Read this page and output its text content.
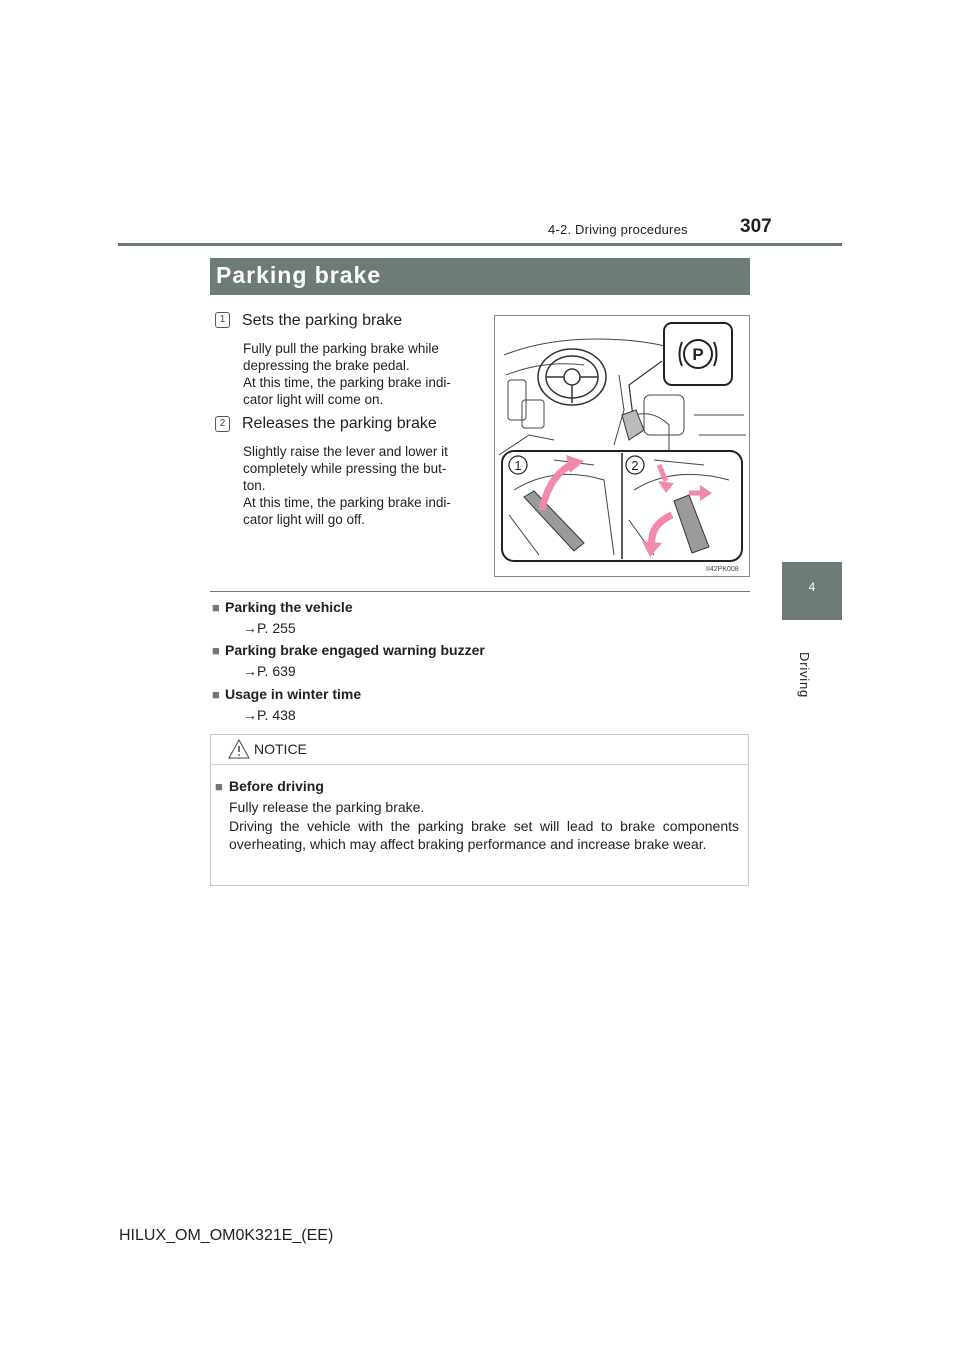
4-2. Driving procedures	307
4
Driving
Parking brake
1 Sets the parking brake
Fully pull the parking brake while
depressing the brake pedal.
At this time, the parking brake indi-
cator light will come on.
2 Releases the parking brake
Slightly raise the lever and lower it
completely while pressing the but-
ton.
At this time, the parking brake indi-
cator light will go off.
P
1	2
II42PK008
■ Parking the vehicle
→P. 255
■ Parking brake engaged warning buzzer
→P. 639
■ Usage in winter time
→P. 438
NOTICE
■ Before driving
Fully release the parking brake.
Driving the vehicle with the parking brake set will lead to brake components overheating, which may affect braking performance and increase brake wear.
HILUX_OM_OM0K321E_(EE)
